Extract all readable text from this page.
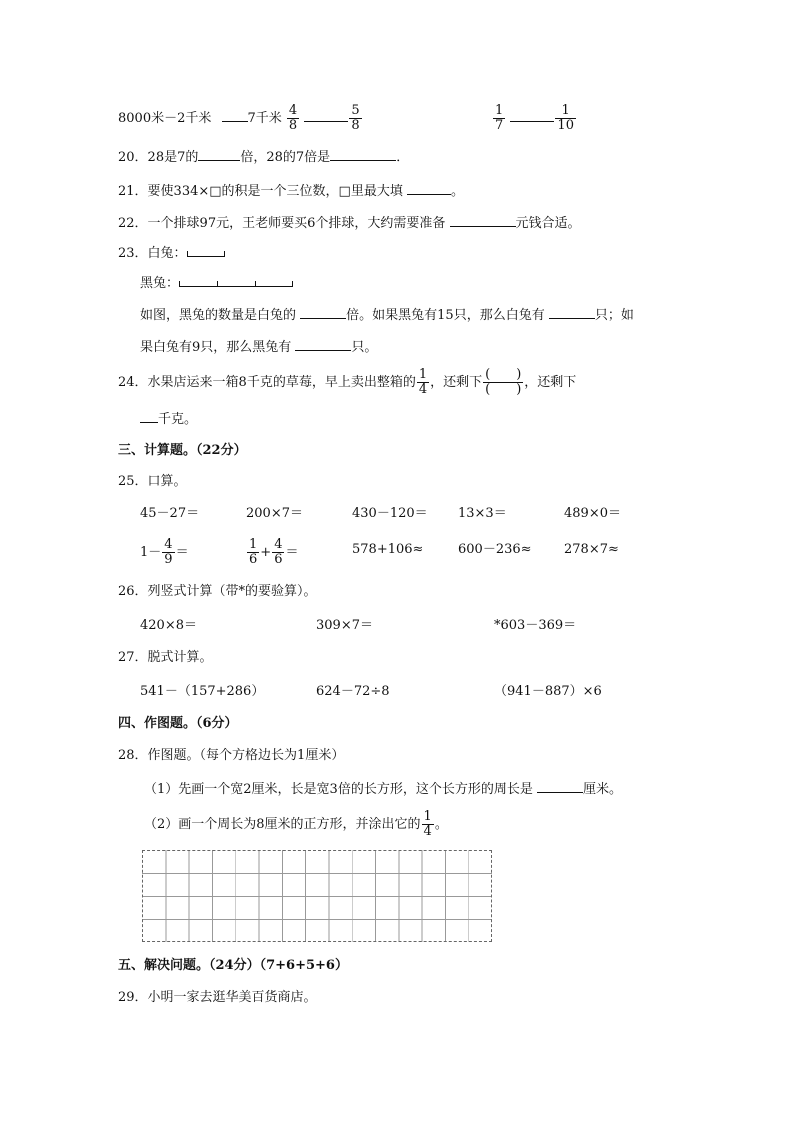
8000米－2千米	7千米 $\frac{4}{8}$
	$\frac{5}{8}$	$\frac{1}{7}$
	$\frac{1}{10}$
20．28是7的	倍，28的7倍是	．
21．要使334×□的积是一个三位数，□里最大填	。
22．一个排球97元，王老师要买6个排球，大约需要准备	元钱合适。
23．白兔：
黑兔：
如图，黑兔的数量是白兔的	倍。如果黑兔有15只，那么白兔有	只；如
果白兔有9只，那么黑兔有	只。
24．水果店运来一箱8千克的草莓，早上卖出整箱的 $\frac{1}{4}$ ，还剩下 $\frac{( )}{( )}$ ，还剩下
千克。
三、计算题。（22分）
25．口算。
45－27＝	200×7＝	430－120＝ 13×3＝	489×0＝
$1- \frac{4}{9}$ ＝	$\frac{1}{6} + \frac{4}{6}$ ＝	578+106≈	600－236≈ 278×7≈
26．列竖式计算（带*的要验算）。
420×8＝	309×7＝	*603－369＝
27．脱式计算。
541－（157+286）	624－72÷8	（941－887）×6
四、作图题。（6分）
28．作图题。（每个方格边长为1厘米）
（1）先画一个宽2厘米，长是宽3倍的长方形，这个长方形的周长是	厘米。
（2）画一个周长为8厘米的正方形，并涂出它的 $\frac{1}{4}$ 。
五、解决问题。（24分）（7+6+5+6）
29．小明一家去逛华美百货商店。
